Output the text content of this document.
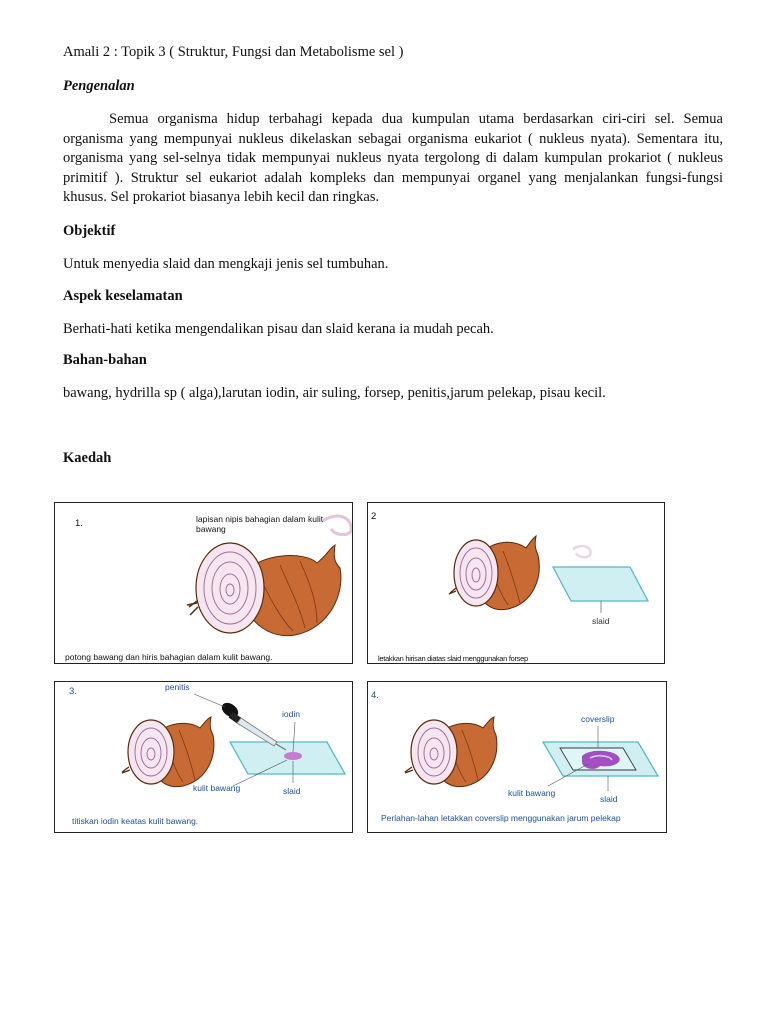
Amali 2 : Topik 3 ( Struktur, Fungsi dan Metabolisme sel )
Pengenalan
Semua organisma hidup terbahagi kepada dua kumpulan utama berdasarkan ciri-ciri sel. Semua organisma yang mempunyai nukleus dikelaskan sebagai organisma eukariot ( nukleus nyata). Sementara itu, organisma yang sel-selnya tidak mempunyai nukleus nyata tergolong di dalam kumpulan prokariot ( nukleus primitif ). Struktur sel eukariot adalah kompleks dan mempunyai organel yang menjalankan fungsi-fungsi khusus. Sel prokariot biasanya lebih kecil dan ringkas.
Objektif
Untuk menyedia slaid dan mengkaji jenis sel tumbuhan.
Aspek keselamatan
Berhati-hati ketika mengendalikan pisau dan slaid kerana ia mudah pecah.
Bahan-bahan
bawang, hydrilla sp ( alga),larutan iodin, air suling, forsep, penitis,jarum pelekap, pisau kecil.
Kaedah
1.	lapisan nipis bahagian dalam kulit bawang
potong bawang dan hiris bahagian dalam kulit bawang.
2
slaid
letakkan hirisan diatas slaid menggunakan forsep
3.	penitis
iodin
kulit bawang	slaid
titiskan iodin keatas kulit bawang.
4.
coverslip
kulit bawang
slaid
Perlahan-lahan letakkan coverslip menggunakan jarum pelekap
